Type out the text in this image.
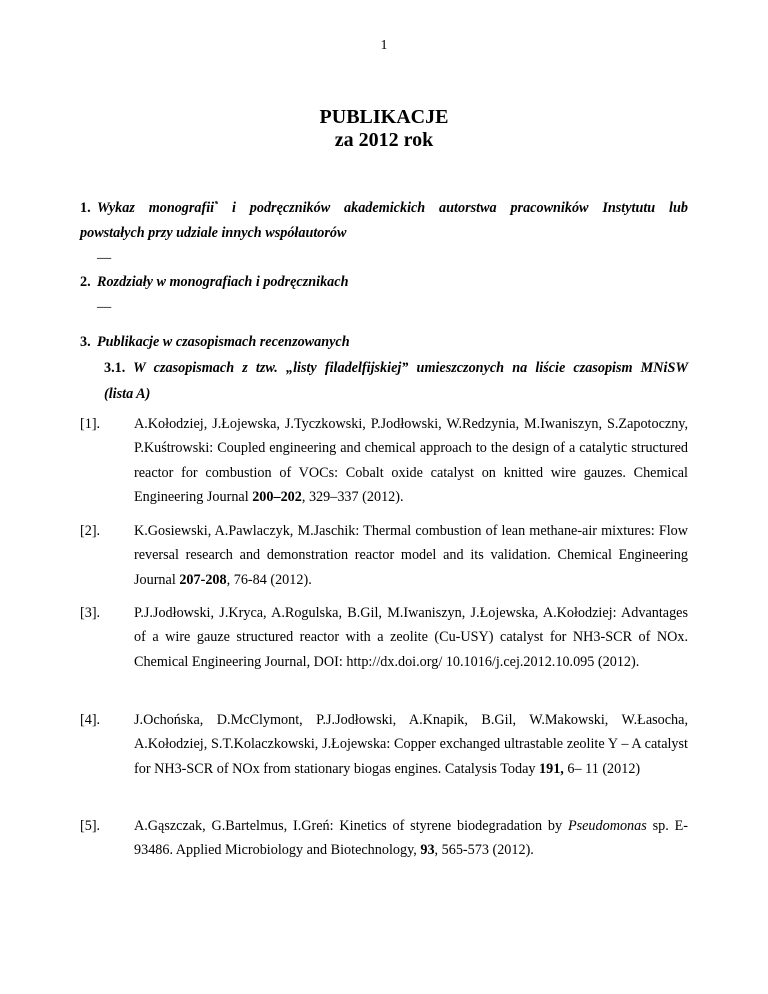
1
PUBLIKACJE
za 2012 rok
1. Wykaz monografii* i podręczników akademickich autorstwa pracowników Instytutu lub
powstałych przy udziale innych współautorów
—
2. Rozdziały w monografiach i podręcznikach
—
3. Publikacje w czasopismach recenzowanych
3.1. W czasopismach z tzw. „listy filadelfijskiej” umieszczonych na liście czasopism MNiSW
(lista A)
[1]. A.Kołodziej, J.Łojewska, J.Tyczkowski, P.Jodłowski, W.Redzynia, M.Iwaniszyn, S.Zapotoczny, P.Kuśtrowski: Coupled engineering and chemical approach to the design of a catalytic structured reactor for combustion of VOCs: Cobalt oxide catalyst on knitted wire gauzes. Chemical Engineering Journal 200–202, 329–337 (2012).
[2]. K.Gosiewski, A.Pawlaczyk, M.Jaschik: Thermal combustion of lean methane-air mixtures: Flow reversal research and demonstration reactor model and its validation. Chemical Engineering Journal 207-208, 76-84 (2012).
[3]. P.J.Jodłowski, J.Kryca, A.Rogulska, B.Gil, M.Iwaniszyn, J.Łojewska, A.Kołodziej: Advantages of a wire gauze structured reactor with a zeolite (Cu-USY) catalyst for NH3-SCR of NOx. Chemical Engineering Journal, DOI: http://dx.doi.org/ 10.1016/j.cej.2012.10.095 (2012).
[4]. J.Ochońska, D.McClymont, P.J.Jodłowski, A.Knapik, B.Gil, W.Makowski, W.Łasocha, A.Kołodziej, S.T.Kolaczkowski, J.Łojewska: Copper exchanged ultrastable zeolite Y – A catalyst for NH3-SCR of NOx from stationary biogas engines. Catalysis Today 191, 6– 11 (2012)
[5]. A.Gąszczak, G.Bartelmus, I.Greń: Kinetics of styrene biodegradation by Pseudomonas sp. E-93486. Applied Microbiology and Biotechnology, 93, 565-573 (2012).
